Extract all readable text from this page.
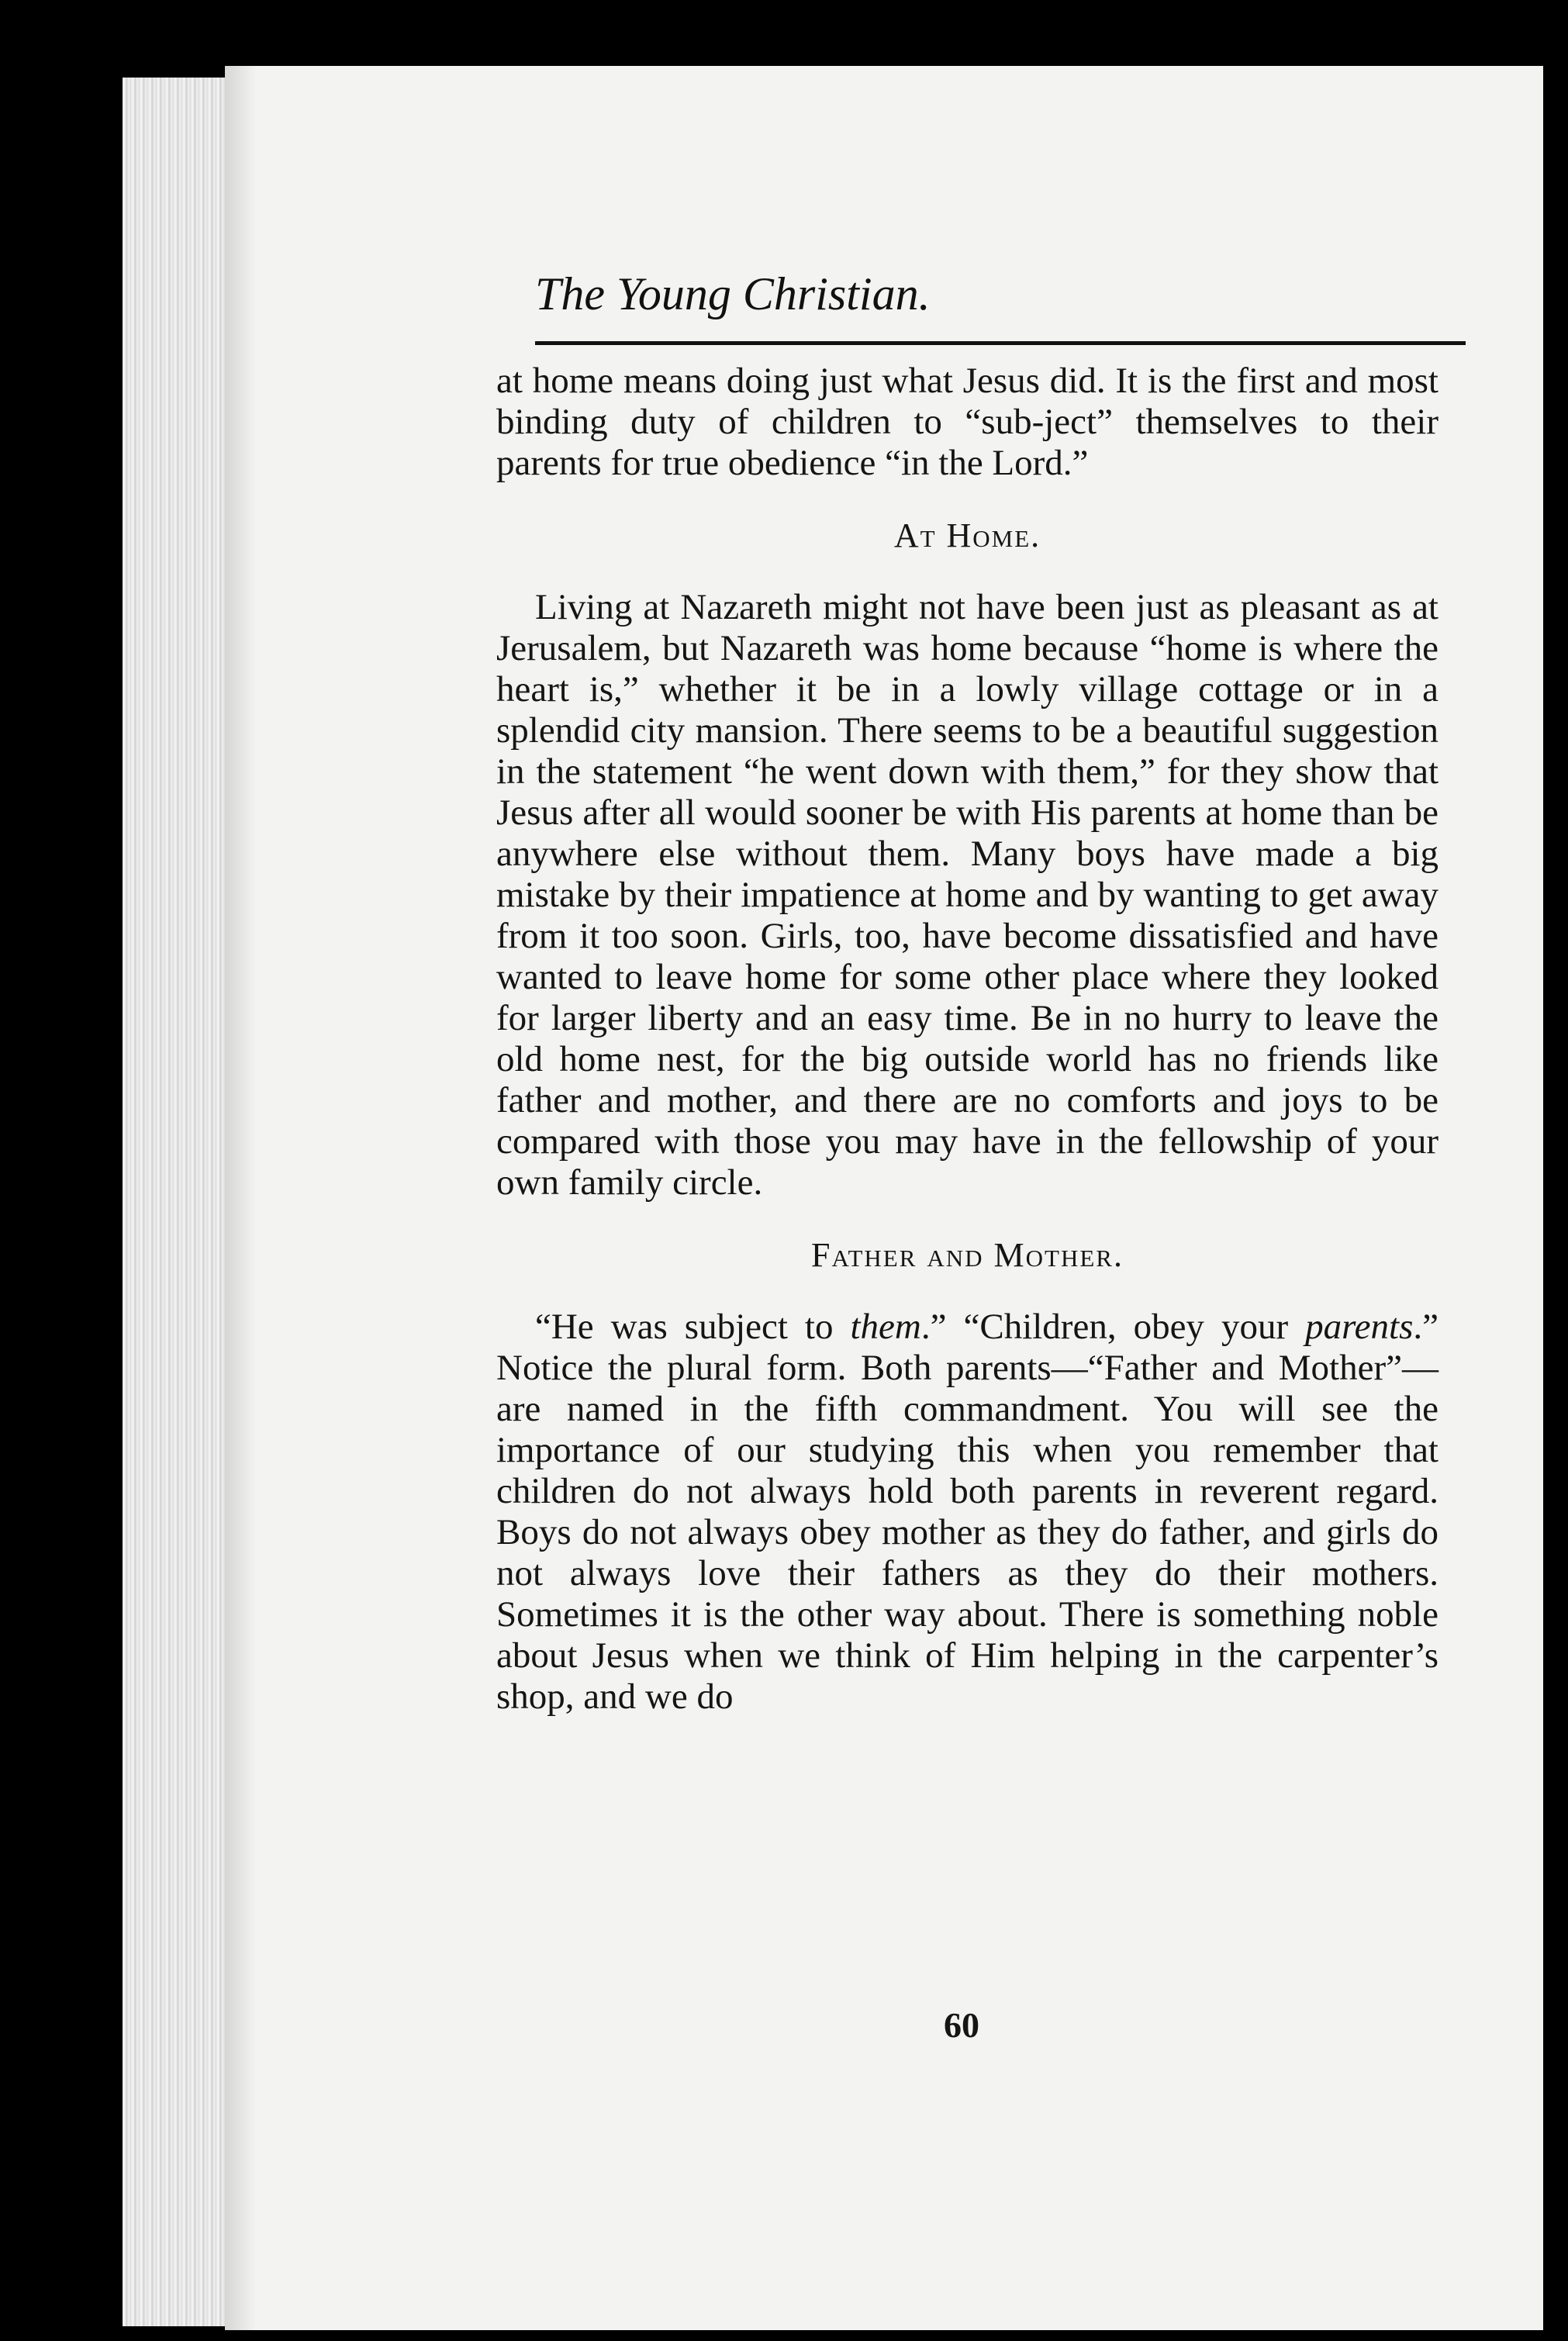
The Young Christian.

at home means doing just what Jesus did. It is the first and most binding duty of children to “sub-ject” themselves to their parents for true obedience “in the Lord.”

At Home.

Living at Nazareth might not have been just as pleasant as at Jerusalem, but Nazareth was home because “home is where the heart is,” whether it be in a lowly village cottage or in a splendid city mansion. There seems to be a beautiful suggestion in the statement “he went down with them,” for they show that Jesus after all would sooner be with His parents at home than be anywhere else without them. Many boys have made a big mistake by their impatience at home and by wanting to get away from it too soon. Girls, too, have become dissatisfied and have wanted to leave home for some other place where they looked for larger liberty and an easy time. Be in no hurry to leave the old home nest, for the big outside world has no friends like father and mother, and there are no comforts and joys to be compared with those you may have in the fellowship of your own family circle.

Father and Mother.

“He was subject to them.” “Children, obey your parents.” Notice the plural form. Both parents—“Father and Mother”—are named in the fifth commandment. You will see the importance of our studying this when you remember that children do not always hold both parents in reverent regard. Boys do not always obey mother as they do father, and girls do not always love their fathers as they do their mothers. Sometimes it is the other way about. There is something noble about Jesus when we think of Him helping in the carpenter’s shop, and we do

60
